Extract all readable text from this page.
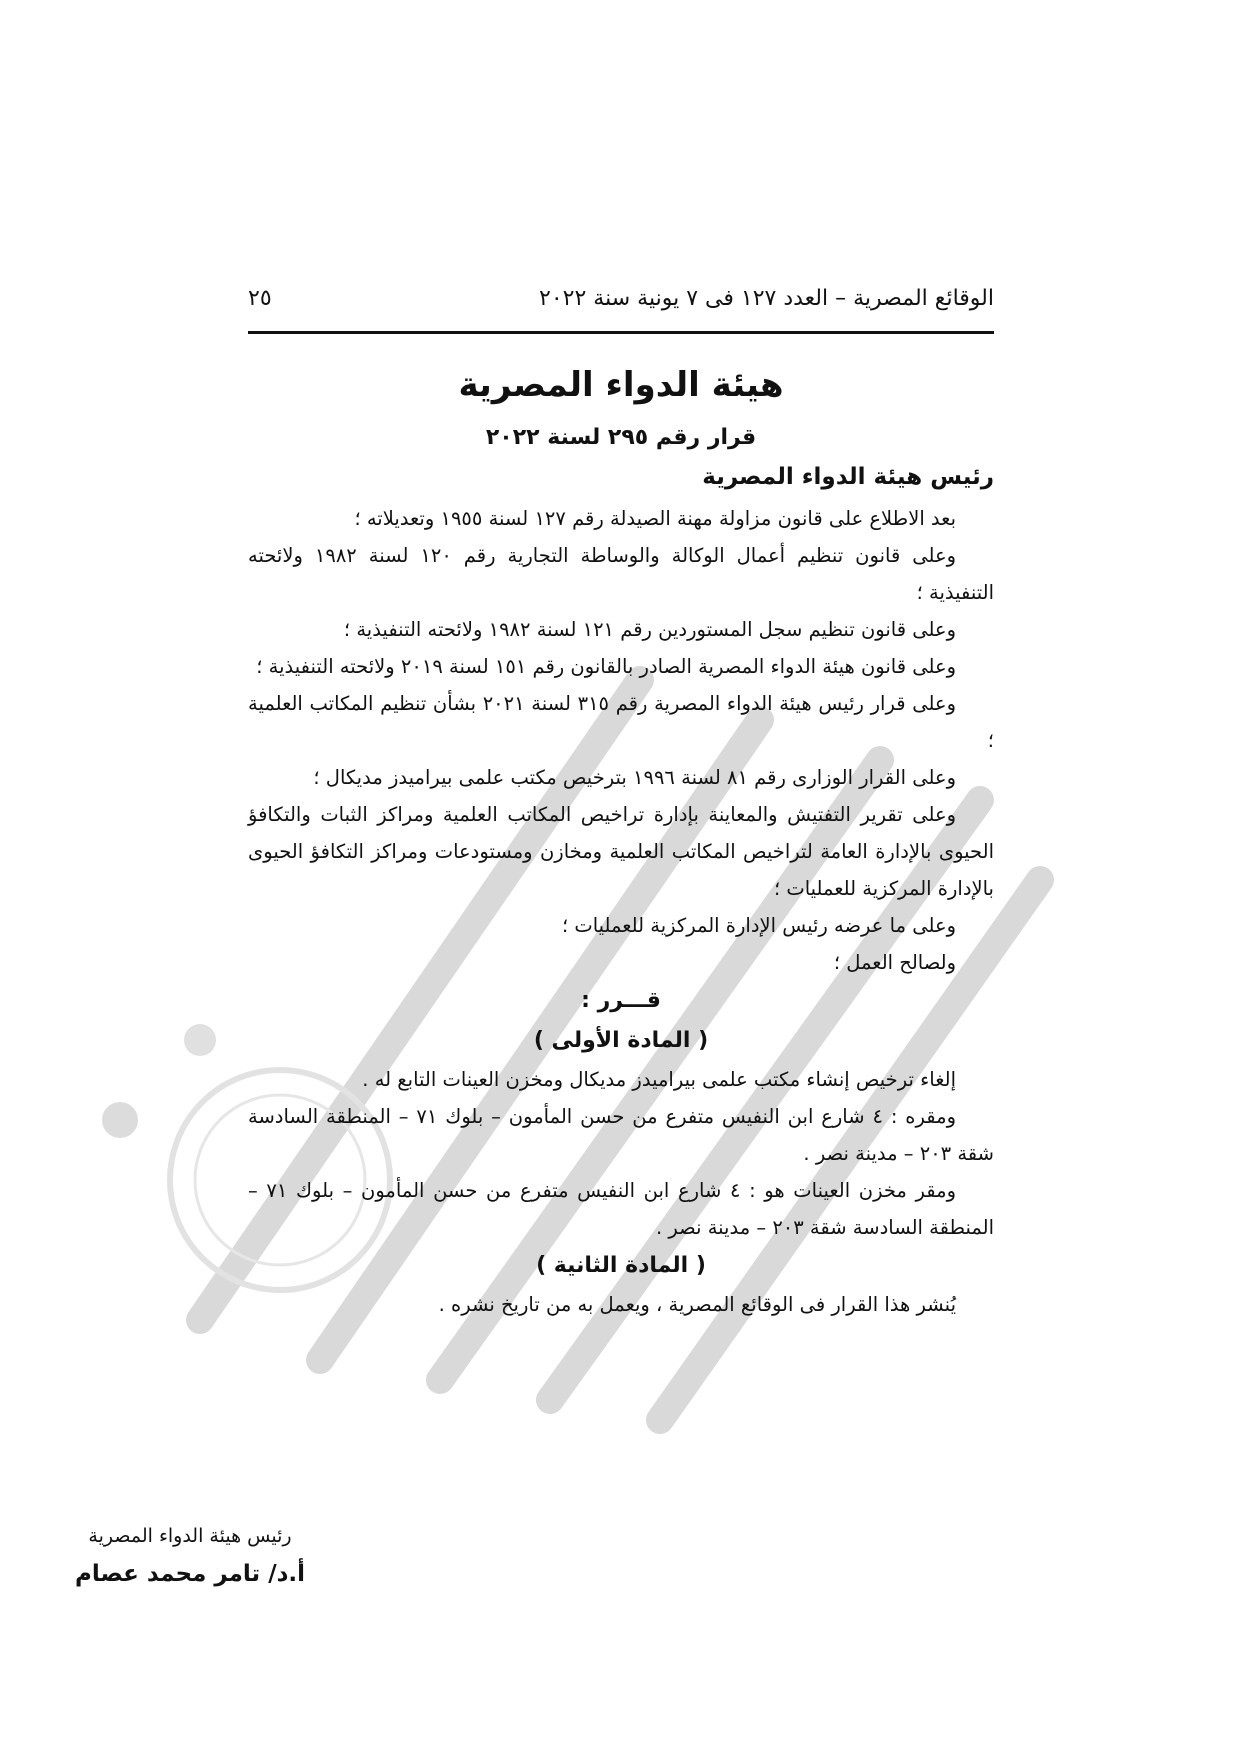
الوقائع المصرية – العدد ١٢٧ فى ٧ يونية سنة ٢٠٢٢
٢٥
هيئة الدواء المصرية
قرار رقم ٢٩٥ لسنة ٢٠٢٢
رئيس هيئة الدواء المصرية

بعد الاطلاع على قانون مزاولة مهنة الصيدلة رقم ١٢٧ لسنة ١٩٥٥ وتعديلاته ؛

وعلى قانون تنظيم أعمال الوكالة والوساطة التجارية رقم ١٢٠ لسنة ١٩٨٢ ولائحته التنفيذية ؛

وعلى قانون تنظيم سجل المستوردين رقم ١٢١ لسنة ١٩٨٢ ولائحته التنفيذية ؛

وعلى قانون هيئة الدواء المصرية الصادر بالقانون رقم ١٥١ لسنة ٢٠١٩ ولائحته التنفيذية ؛

وعلى قرار رئيس هيئة الدواء المصرية رقم ٣١٥ لسنة ٢٠٢١ بشأن تنظيم المكاتب العلمية ؛

وعلى القرار الوزارى رقم ٨١ لسنة ١٩٩٦ بترخيص مكتب علمى بيراميدز مديكال ؛

وعلى تقرير التفتيش والمعاينة بإدارة تراخيص المكاتب العلمية ومراكز الثبات والتكافؤ الحيوى بالإدارة العامة لتراخيص المكاتب العلمية ومخازن ومستودعات ومراكز التكافؤ الحيوى بالإدارة المركزية للعمليات ؛

وعلى ما عرضه رئيس الإدارة المركزية للعمليات ؛

ولصالح العمل ؛

قـــرر :

( المادة الأولى )

إلغاء ترخيص إنشاء مكتب علمى بيراميدز مديكال ومخزن العينات التابع له .

ومقره : ٤ شارع ابن النفيس متفرع من حسن المأمون – بلوك ٧١ – المنطقة السادسة شقة ٢٠٣ – مدينة نصر .

ومقر مخزن العينات هو : ٤ شارع ابن النفيس متفرع من حسن المأمون – بلوك ٧١ – المنطقة السادسة شقة ٢٠٣ – مدينة نصر .

( المادة الثانية )

يُنشر هذا القرار فى الوقائع المصرية ، ويعمل به من تاريخ نشره .

رئيس هيئة الدواء المصرية
أ.د/ تامر محمد عصام
